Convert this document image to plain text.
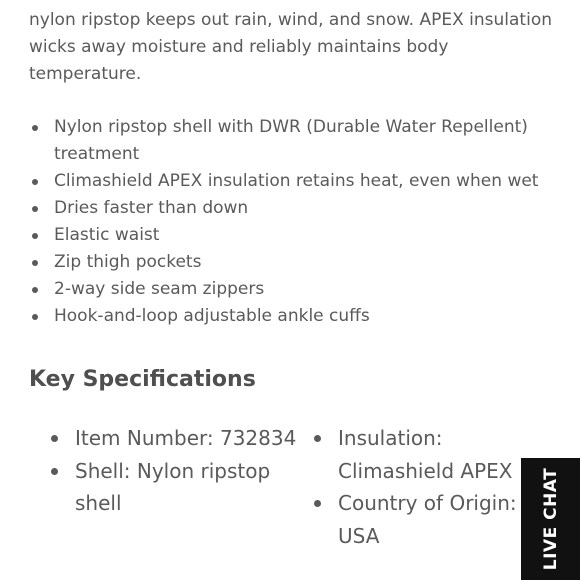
nylon ripstop keeps out rain, wind, and snow. APEX insulation
wicks away moisture and reliably maintains body
temperature.

Nylon ripstop shell with DWR (Durable Water Repellent)
treatment
Climashield APEX insulation retains heat, even when wet
Dries faster than down
Elastic waist
Zip thigh pockets
2-way side seam zippers
Hook-and-loop adjustable ankle cuffs
Key Specifications
Item Number: 732834
Shell: Nylon ripstop
shell
Insulation:
Climashield APEX
Country of Origin:
USA	LIVE CHAT
